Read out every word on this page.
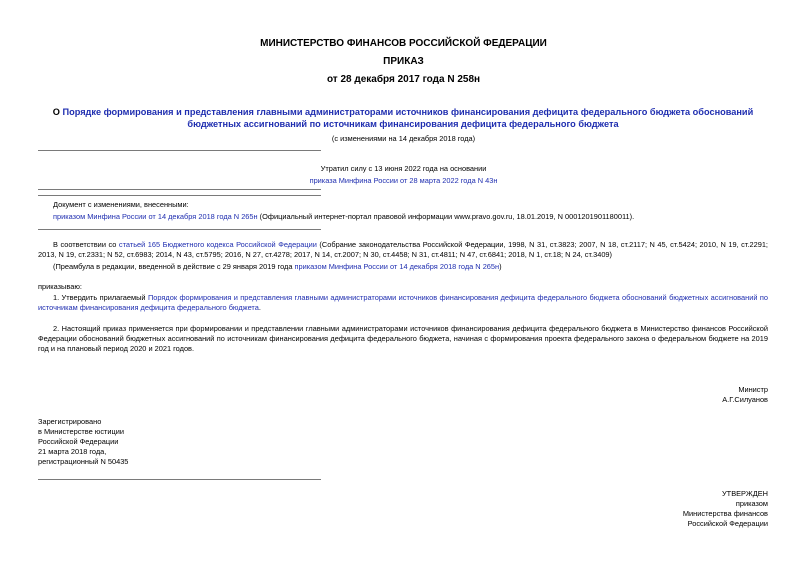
МИНИСТЕРСТВО ФИНАНСОВ РОССИЙСКОЙ ФЕДЕРАЦИИ
ПРИКАЗ
от 28 декабря 2017 года N 258н
О Порядке формирования и представления главными администраторами источников финансирования дефицита федерального бюджета обоснований бюджетных ассигнований по источникам финансирования дефицита федерального бюджета
(с изменениями на 14 декабря 2018 года)
Утратил силу с 13 июня 2022 года на основании
приказа Минфина России от 28 марта 2022 года N 43н
Документ с изменениями, внесенными:
приказом Минфина России от 14 декабря 2018 года N 265н (Официальный интернет-портал правовой информации www.pravo.gov.ru, 18.01.2019, N 0001201901180011).
В соответствии со статьей 165 Бюджетного кодекса Российской Федерации (Собрание законодательства Российской Федерации, 1998, N 31, ст.3823; 2007, N 18, ст.2117; N 45, ст.5424; 2010, N 19, ст.2291; 2013, N 19, ст.2331; N 52, ст.6983; 2014, N 43, ст.5795; 2016, N 27, ст.4278; 2017, N 14, ст.2007; N 30, ст.4458; N 31, ст.4811; N 47, ст.6841; 2018, N 1, ст.18; N 24, ст.3409)
(Преамбула в редакции, введенной в действие с 29 января 2019 года приказом Минфина России от 14 декабря 2018 года N 265н)
приказываю:
1. Утвердить прилагаемый Порядок формирования и представления главными администраторами источников финансирования дефицита федерального бюджета обоснований бюджетных ассигнований по источникам финансирования дефицита федерального бюджета.
2. Настоящий приказ применяется при формировании и представлении главными администраторами источников финансирования дефицита федерального бюджета в Министерство финансов Российской Федерации обоснований бюджетных ассигнований по источникам финансирования дефицита федерального бюджета, начиная с формирования проекта федерального закона о федеральном бюджете на 2019 год и на плановый период 2020 и 2021 годов.
Министр
А.Г.Силуанов
Зарегистрировано
в Министерстве юстиции
Российской Федерации
21 марта 2018 года,
регистрационный N 50435
УТВЕРЖДЕН
приказом
Министерства финансов
Российской Федерации
